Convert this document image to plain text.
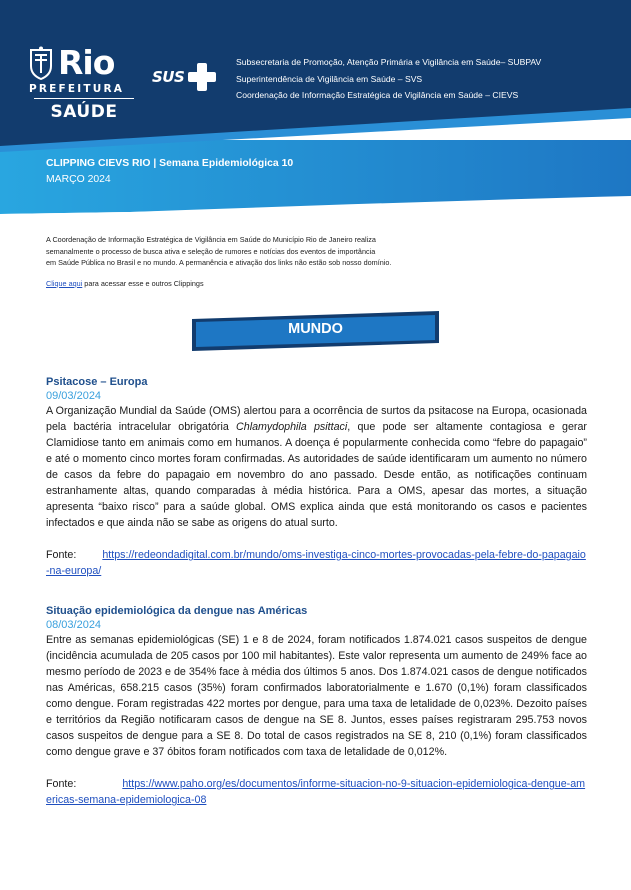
Rio
PREFEITURA
SAÚDE
SUS
Subsecretaria de Promoção, Atenção Primária e Vigilância em Saúde– SUBPAV
Superintendência de Vigilância em Saúde – SVS
Coordenação de Informação Estratégica de Vigilância em Saúde – CIEVS
CLIPPING CIEVS RIO | Semana Epidemiológica 10
MARÇO 2024
A Coordenação de Informação Estratégica de Vigilância em Saúde do Município Rio de Janeiro realiza
semanalmente o processo de busca ativa e seleção de rumores e notícias dos eventos de importância
em Saúde Pública no Brasil e no mundo. A permanência e ativação dos links não estão sob nosso domínio.
Clique aqui para acessar esse e outros Clippings
MUNDO
Psitacose – Europa
09/03/2024
A Organização Mundial da Saúde (OMS) alertou para a ocorrência de surtos da psitacose na Europa, ocasionada pela bactéria intracelular obrigatória Chlamydophila psittaci, que pode ser altamente contagiosa e gerar Clamidiose tanto em animais como em humanos. A doença é popularmente conhecida como “febre do papagaio” e até o momento cinco mortes foram confirmadas. As autoridades de saúde identificaram um aumento no número de casos da febre do papagaio em novembro do ano passado. Desde então, as notificações continuam estranhamente altas, quando comparadas à média histórica. Para a OMS, apesar das mortes, a situação apresenta “baixo risco” para a saúde global. OMS explica ainda que está monitorando os casos e pacientes infectados e que ainda não se sabe as origens do atual surto.
Fonte: https://redeondadigital.com.br/mundo/oms-investiga-cinco-mortes-provocadas-pela-febre-do-papagaio-na-europa/
Situação epidemiológica da dengue nas Américas
08/03/2024
Entre as semanas epidemiológicas (SE) 1 e 8 de 2024, foram notificados 1.874.021 casos suspeitos de dengue (incidência acumulada de 205 casos por 100 mil habitantes). Este valor representa um aumento de 249% face ao mesmo período de 2023 e de 354% face à média dos últimos 5 anos. Dos 1.874.021 casos de dengue notificados nas Américas, 658.215 casos (35%) foram confirmados laboratorialmente e 1.670 (0,1%) foram classificados como dengue. Foram registradas 422 mortes por dengue, para uma taxa de letalidade de 0,023%. Dezoito países e territórios da Região notificaram casos de dengue na SE 8. Juntos, esses países registraram 295.753 novos casos suspeitos de dengue para a SE 8. Do total de casos registrados na SE 8, 210 (0,1%) foram classificados como dengue grave e 37 óbitos foram notificados com taxa de letalidade de 0,012%.
Fonte:	https://www.paho.org/es/documentos/informe-situacion-no-9-situacion-epidemiologica-dengue-americas-semana-epidemiologica-08
